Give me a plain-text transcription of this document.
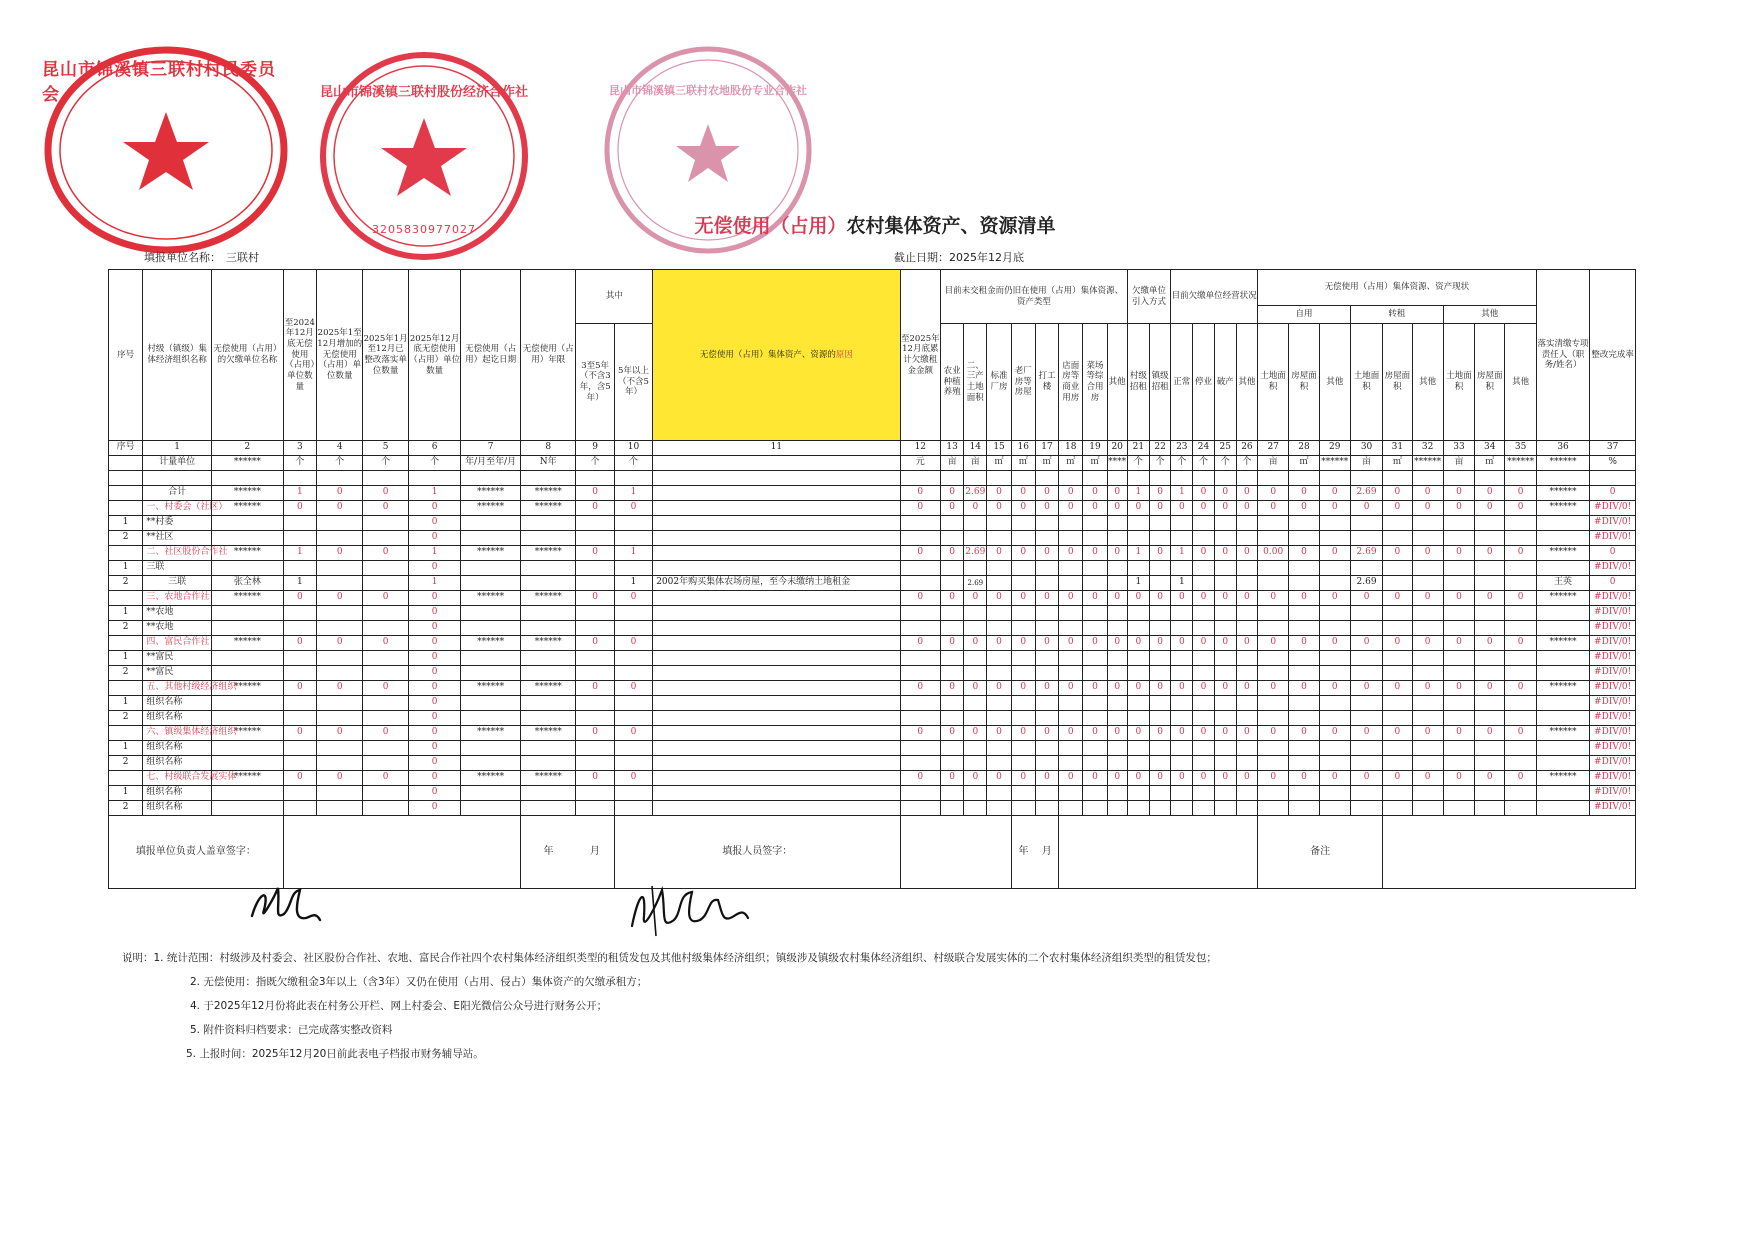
昆山市锦溪镇三联村村民委员会	昆山市锦溪镇三联村股份经济合作社
3205830977027
昆山市锦溪镇三联村农地股份专业合作社
无偿使用（占用）农村集体资产、资源清单
填报单位名称： 三联村	截止日期：2025年12月底
序号	村级（镇级）集体经济组织名称	无偿使用（占用）的欠缴单位名称	至2024年12月底无偿使用（占用）单位数量	2025年1至12月增加的无偿使用（占用）单位数量	2025年1月至12月已整改落实单位数量	2025年12月底无偿使用（占用）单位数量	无偿使用（占用）起讫日期	无偿使用（占用）年限	其中		无偿使用（占用）集体资产、资源的原因	至2025年12月底累计欠缴租金金额	目前未交租金而仍旧在使用（占用）集体资源、资产类型								欠缴单位引入方式		目前欠缴单位经营状况				无偿使用（占用）集体资源、资产现状									落实清缴专项责任人（职务/姓名）	整改完成率
																											自用			转租			其他				
									3至5年（不含3年，含5年）	5年以上（不含5年）			农业种植养殖	二、三产土地面积	标准厂房	老厂房等房屋	打工楼	店面房等商业用房	菜场等综合用房	其他	村级招租	镇级招租	正常	停业	破产	其他	土地面积	房屋面积	其他	土地面积	房屋面积	其他	土地面积	房屋面积	其他		
序号	1	2	3	4	5	6	7	8	9	10	11	12	13	14	15	16	17	18	19	20	21	22	23	24	25	26	27	28	29	30	31	32	33	34	35	36	37
	计量单位	******	个	个	个	个	年/月至年/月	N年	个	个		元	亩	亩	㎡	㎡	㎡	㎡	㎡	****	个	个	个	个	个	个	亩	㎡	******	亩	㎡	******	亩	㎡	******	******	%

	合计	******	1	0	0	1	******	******	0	1		0	0	2.69	0	0	0	0	0	0	1	0	1	0	0	0	0	0	0	2.69	0	0	0	0	0	******	0
	一、村委会（社区）	******	0	0	0	0	******	******	0	0		0	0	0	0	0	0	0	0	0	0	0	0	0	0	0	0	0	0	0	0	0	0	0	0	******	#DIV/0!
1	**村委					0																															#DIV/0!
2	**社区					0																															#DIV/0!
	二、社区股份合作社	******	1	0	0	1	******	******	0	1		0	0	2.69	0	0	0	0	0	0	1	0	1	0	0	0	0.00	0	0	2.69	0	0	0	0	0	******	0
1	三联					0																															#DIV/0!
2	三联	张全林	1			1				1	2002年购买集体农场房屋，至今未缴纳土地租金			2.69							1		1							2.69						王英	0
	三、农地合作社	******	0	0	0	0	******	******	0	0		0	0	0	0	0	0	0	0	0	0	0	0	0	0	0	0	0	0	0	0	0	0	0	0	******	#DIV/0!
1	**农地					0																															#DIV/0!
2	**农地					0																															#DIV/0!
	四、富民合作社	******	0	0	0	0	******	******	0	0		0	0	0	0	0	0	0	0	0	0	0	0	0	0	0	0	0	0	0	0	0	0	0	0	******	#DIV/0!
1	**富民					0																															#DIV/0!
2	**富民					0																															#DIV/0!
	五、其他村级经济组织	******	0	0	0	0	******	******	0	0		0	0	0	0	0	0	0	0	0	0	0	0	0	0	0	0	0	0	0	0	0	0	0	0	******	#DIV/0!
1	组织名称					0																															#DIV/0!
2	组织名称					0																															#DIV/0!
	六、镇级集体经济组织	******	0	0	0	0	******	******	0	0		0	0	0	0	0	0	0	0	0	0	0	0	0	0	0	0	0	0	0	0	0	0	0	0	******	#DIV/0!
1	组织名称					0																															#DIV/0!
2	组织名称					0																															#DIV/0!
	七、村级联合发展实体	******	0	0	0	0	******	******	0	0		0	0	0	0	0	0	0	0	0	0	0	0	0	0	0	0	0	0	0	0	0	0	0	0	******	#DIV/0!
1	组织名称					0																															#DIV/0!
2	组织名称					0																															#DIV/0!
填报单位负责人盖章签字：								年	月	填报人员签字：						年	月										备注										
说明：1. 统计范围：村级涉及村委会、社区股份合作社、农地、富民合作社四个农村集体经济组织类型的租赁发包及其他村级集体经济组织；镇级涉及镇级农村集体经济组织、村级联合发展实体的二个农村集体经济组织类型的租赁发包；
2. 无偿使用：指既欠缴租金3年以上（含3年）又仍在使用（占用、侵占）集体资产的欠缴承租方；
4. 于2025年12月份将此表在村务公开栏、网上村委会、E阳光微信公众号进行财务公开；
5. 附件资料归档要求：已完成落实整改资料
5. 上报时间：2025年12月20日前此表电子档报市财务辅导站。
